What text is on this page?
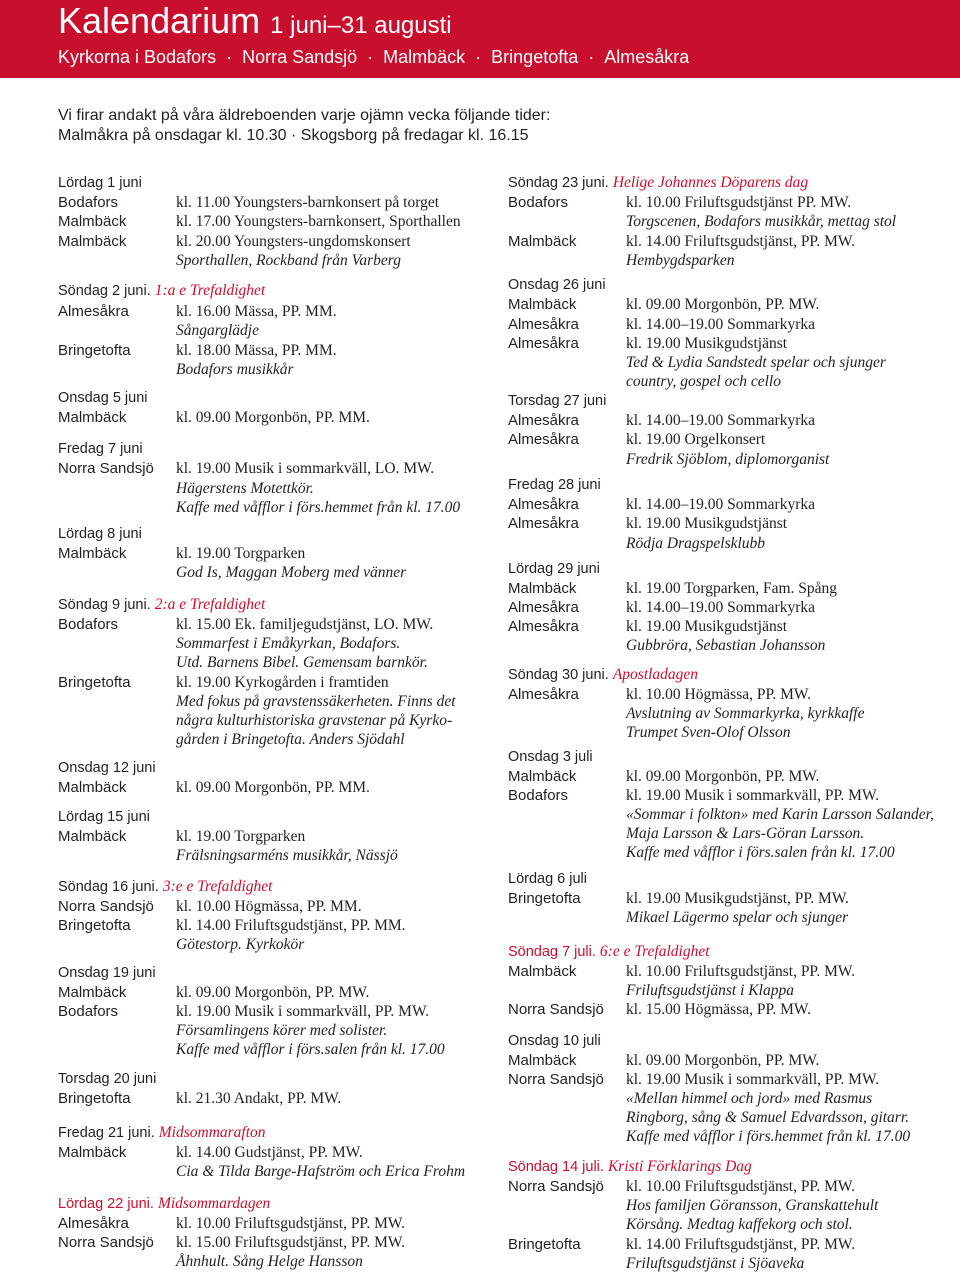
Kalendarium 1 juni–31 augusti
Kyrkorna i Bodafors · Norra Sandsjö · Malmbäck · Bringetofta · Almesåkra
Vi firar andakt på våra äldreboenden varje ojämn vecka följande tider:
Malmåkra på onsdagar kl. 10.30 · Skogsborg på fredagar kl. 16.15
Lördag 1 juni
Bodafors	kl. 11.00 Youngsters-barnkonsert på torget
Malmbäck	kl. 17.00 Youngsters-barnkonsert, Sporthallen
Malmbäck	kl. 20.00 Youngsters-ungdomskonsert
Sporthallen, Rockband från Varberg
Söndag 2 juni. 1:a e Trefaldighet
Almesåkra	kl. 16.00 Mässa, PP. MM.
Sångarglädje
Bringetofta	kl. 18.00 Mässa, PP. MM.
Bodafors musikkår
Onsdag 5 juni
Malmbäck	kl. 09.00 Morgonbön, PP. MM.
Fredag 7 juni
Norra Sandsjö kl. 19.00 Musik i sommarkväll, LO. MW.
Hägerstens Motettkör.
Kaffe med våfflor i förs.hemmet från kl. 17.00
Lördag 8 juni
Malmbäck	kl. 19.00 Torgparken
God Is, Maggan Moberg med vänner
Söndag 9 juni. 2:a e Trefaldighet
Bodafors	kl. 15.00 Ek. familjegudstjänst, LO. MW.
Sommarfest i Emåkyrkan, Bodafors.
Utd. Barnens Bibel. Gemensam barnkör.
Bringetofta	kl. 19.00 Kyrkogården i framtiden
Med fokus på gravstenssäkerheten. Finns det
några kulturhistoriska gravstenar på Kyrko-
gården i Bringetofta. Anders Sjödahl
Onsdag 12 juni
Malmbäck	kl. 09.00 Morgonbön, PP. MM.
Lördag 15 juni
Malmbäck	kl. 19.00 Torgparken
Frälsningsarméns musikkår, Nässjö
Söndag 16 juni. 3:e e Trefaldighet
Norra Sandsjö kl. 10.00 Högmässa, PP. MM.
Bringetofta	kl. 14.00 Friluftsgudstjänst, PP. MM.
Götestorp. Kyrkokör
Onsdag 19 juni
Malmbäck	kl. 09.00 Morgonbön, PP. MW.
Bodafors	kl. 19.00 Musik i sommarkväll, PP. MW.
Församlingens körer med solister.
Kaffe med våfflor i förs.salen från kl. 17.00
Torsdag 20 juni
Bringetofta	kl. 21.30 Andakt, PP. MW.
Fredag 21 juni. Midsommarafton
Malmbäck	kl. 14.00 Gudstjänst, PP. MW.
Cia & Tilda Barge-Hafström och Erica Frohm
Lördag 22 juni. Midsommardagen
Almesåkra	kl. 10.00 Friluftsgudstjänst, PP. MW.
Norra Sandsjö kl. 15.00 Friluftsgudstjänst, PP. MW.
Åhnhult. Sång Helge Hansson
Söndag 23 juni. Helige Johannes Döparens dag
Bodafors	kl. 10.00 Friluftsgudstjänst PP. MW.
Torgscenen, Bodafors musikkår, mettag stol
Malmbäck	kl. 14.00 Friluftsgudstjänst, PP. MW.
Hembygdsparken
Onsdag 26 juni
Malmbäck	kl. 09.00 Morgonbön, PP. MW.
Almesåkra	kl. 14.00–19.00 Sommarkyrka
Almesåkra	kl. 19.00 Musikgudstjänst
Ted & Lydia Sandstedt spelar och sjunger
country, gospel och cello
Torsdag 27 juni
Almesåkra	kl. 14.00–19.00 Sommarkyrka
Almesåkra	kl. 19.00 Orgelkonsert
Fredrik Sjöblom, diplomorganist
Fredag 28 juni
Almesåkra	kl. 14.00–19.00 Sommarkyrka
Almesåkra	kl. 19.00 Musikgudstjänst
Rödja Dragspelsklubb
Lördag 29 juni
Malmbäck	kl. 19.00 Torgparken, Fam. Spång
Almesåkra	kl. 14.00–19.00 Sommarkyrka
Almesåkra	kl. 19.00 Musikgudstjänst
Gubbröra, Sebastian Johansson
Söndag 30 juni. Apostladagen
Almesåkra	kl. 10.00 Högmässa, PP. MW.
Avslutning av Sommarkyrka, kyrkkaffe
Trumpet Sven-Olof Olsson
Onsdag 3 juli
Malmbäck	kl. 09.00 Morgonbön, PP. MW.
Bodafors	kl. 19.00 Musik i sommarkväll, PP. MW.
«Sommar i folkton» med Karin Larsson Salander,
Maja Larsson & Lars-Göran Larsson.
Kaffe med våfflor i förs.salen från kl. 17.00
Lördag 6 juli
Bringetofta	kl. 19.00 Musikgudstjänst, PP. MW.
Mikael Lägermo spelar och sjunger
Söndag 7 juli. 6:e e Trefaldighet
Malmbäck	kl. 10.00 Friluftsgudstjänst, PP. MW.
Friluftsgudstjänst i Klappa
Norra Sandsjö kl. 15.00 Högmässa, PP. MW.
Onsdag 10 juli
Malmbäck	kl. 09.00 Morgonbön, PP. MW.
Norra Sandsjö kl. 19.00 Musik i sommarkväll, PP. MW.
«Mellan himmel och jord» med Rasmus
Ringborg, sång & Samuel Edvardsson, gitarr.
Kaffe med våfflor i förs.hemmet från kl. 17.00
Söndag 14 juli. Kristi Förklarings Dag
Norra Sandsjö kl. 10.00 Friluftsgudstjänst, PP. MW.
Hos familjen Göransson, Granskattehult
Körsång. Medtag kaffekorg och stol.
Bringetofta	kl. 14.00 Friluftsgudstjänst, PP. MW.
Friluftsgudstjänst i Sjöaveka
